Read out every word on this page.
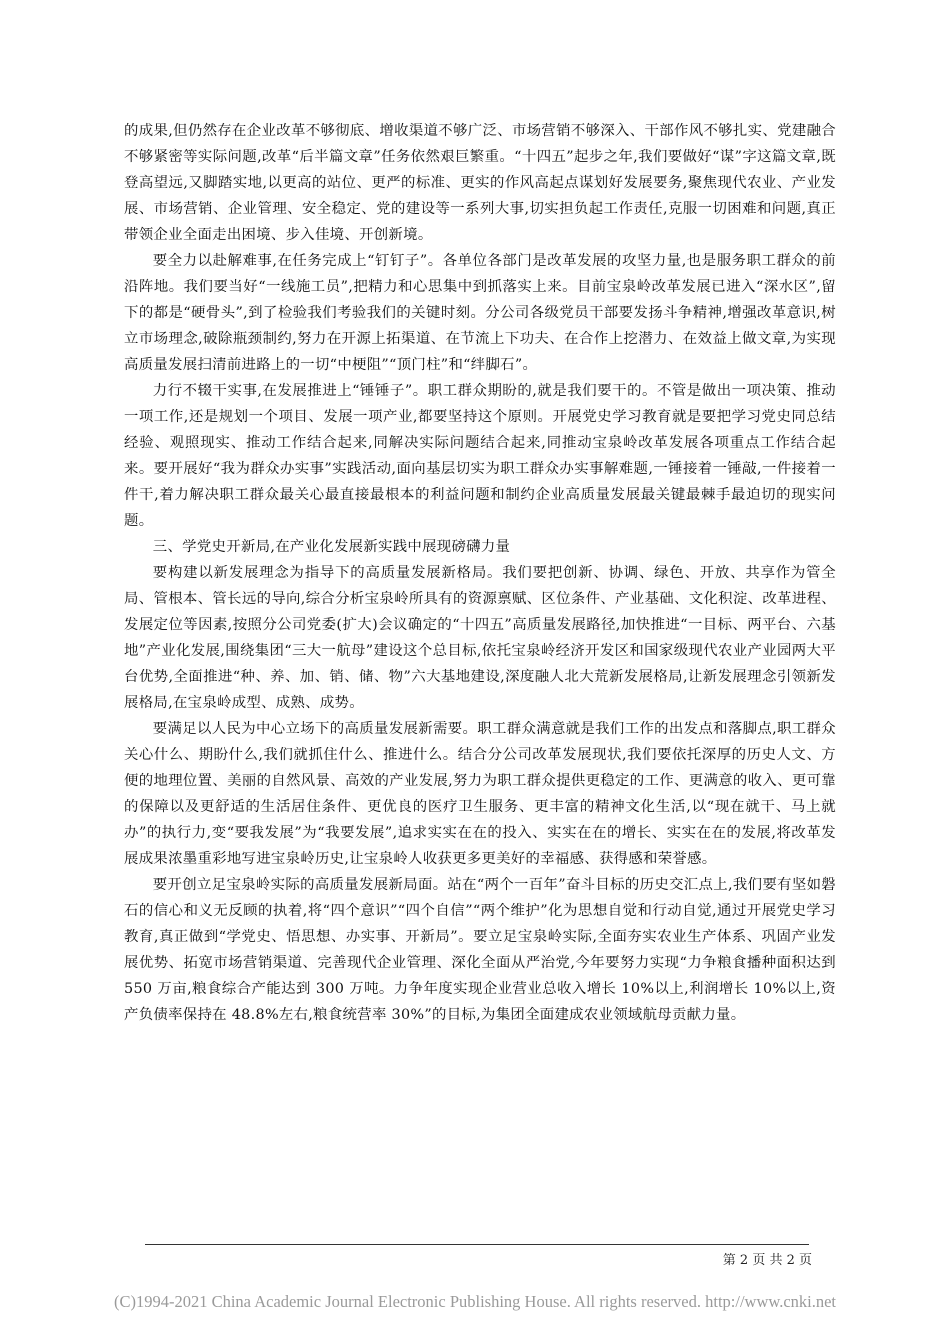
的成果,但仍然存在企业改革不够彻底、增收渠道不够广泛、市场营销不够深入、干部作风不够扎实、党建融合不够紧密等实际问题,改革“后半篇文章”任务依然艰巨繁重。“十四五”起步之年,我们要做好“谋”字这篇文章,既登高望远,又脚踏实地,以更高的站位、更严的标准、更实的作风高起点谋划好发展要务,聚焦现代农业、产业发展、市场营销、企业管理、安全稳定、党的建设等一系列大事,切实担负起工作责任,克服一切困难和问题,真正带领企业全面走出困境、步入佳境、开创新境。

要全力以赴解难事,在任务完成上“钉钉子”。各单位各部门是改革发展的攻坚力量,也是服务职工群众的前沿阵地。我们要当好“一线施工员”,把精力和心思集中到抓落实上来。目前宝泉岭改革发展已进入“深水区”,留下的都是“硬骨头”,到了检验我们考验我们的关键时刻。分公司各级党员干部要发扬斗争精神,增强改革意识,树立市场理念,破除瓶颈制约,努力在开源上拓渠道、在节流上下功夫、在合作上挖潜力、在效益上做文章,为实现高质量发展扫清前进路上的一切“中梗阻”“顶门柱”和“绊脚石”。

力行不辍干实事,在发展推进上“锤锤子”。职工群众期盼的,就是我们要干的。不管是做出一项决策、推动一项工作,还是规划一个项目、发展一项产业,都要坚持这个原则。开展党史学习教育就是要把学习党史同总结经验、观照现实、推动工作结合起来,同解决实际问题结合起来,同推动宝泉岭改革发展各项重点工作结合起来。要开展好“我为群众办实事”实践活动,面向基层切实为职工群众办实事解难题,一锤接着一锤敲,一件接着一件干,着力解决职工群众最关心最直接最根本的利益问题和制约企业高质量发展最关键最棘手最迫切的现实问题。

三、学党史开新局,在产业化发展新实践中展现磅礴力量

要构建以新发展理念为指导下的高质量发展新格局。我们要把创新、协调、绿色、开放、共享作为管全局、管根本、管长远的导向,综合分析宝泉岭所具有的资源禀赋、区位条件、产业基础、文化积淀、改革进程、发展定位等因素,按照分公司党委(扩大)会议确定的“十四五”高质量发展路径,加快推进“一目标、两平台、六基地”产业化发展,围绕集团“三大一航母”建设这个总目标,依托宝泉岭经济开发区和国家级现代农业产业园两大平台优势,全面推进“种、养、加、销、储、物”六大基地建设,深度融人北大荒新发展格局,让新发展理念引领新发展格局,在宝泉岭成型、成熟、成势。

要满足以人民为中心立场下的高质量发展新需要。职工群众满意就是我们工作的出发点和落脚点,职工群众关心什么、期盼什么,我们就抓住什么、推进什么。结合分公司改革发展现状,我们要依托深厚的历史人文、方便的地理位置、美丽的自然风景、高效的产业发展,努力为职工群众提供更稳定的工作、更满意的收入、更可靠的保障以及更舒适的生活居住条件、更优良的医疗卫生服务、更丰富的精神文化生活,以“现在就干、马上就办”的执行力,变“要我发展”为“我要发展”,追求实实在在的投入、实实在在的增长、实实在在的发展,将改革发展成果浓墨重彩地写进宝泉岭历史,让宝泉岭人收获更多更美好的幸福感、获得感和荣誉感。

要开创立足宝泉岭实际的高质量发展新局面。站在“两个一百年”奋斗目标的历史交汇点上,我们要有坚如磐石的信心和义无反顾的执着,将“四个意识”“四个自信”“两个维护”化为思想自觉和行动自觉,通过开展党史学习教育,真正做到“学党史、悟思想、办实事、开新局”。要立足宝泉岭实际,全面夯实农业生产体系、巩固产业发展优势、拓宽市场营销渠道、完善现代企业管理、深化全面从严治党,今年要努力实现“力争粮食播种面积达到 550 万亩,粮食综合产能达到 300 万吨。力争年度实现企业营业总收入增长 10%以上,利润增长 10%以上,资产负债率保持在 48.8%左右,粮食统营率 30%”的目标,为集团全面建成农业领域航母贡献力量。

第 2 页 共 2 页
(C)1994-2021 China Academic Journal Electronic Publishing House. All rights reserved. http://www.cnki.net
